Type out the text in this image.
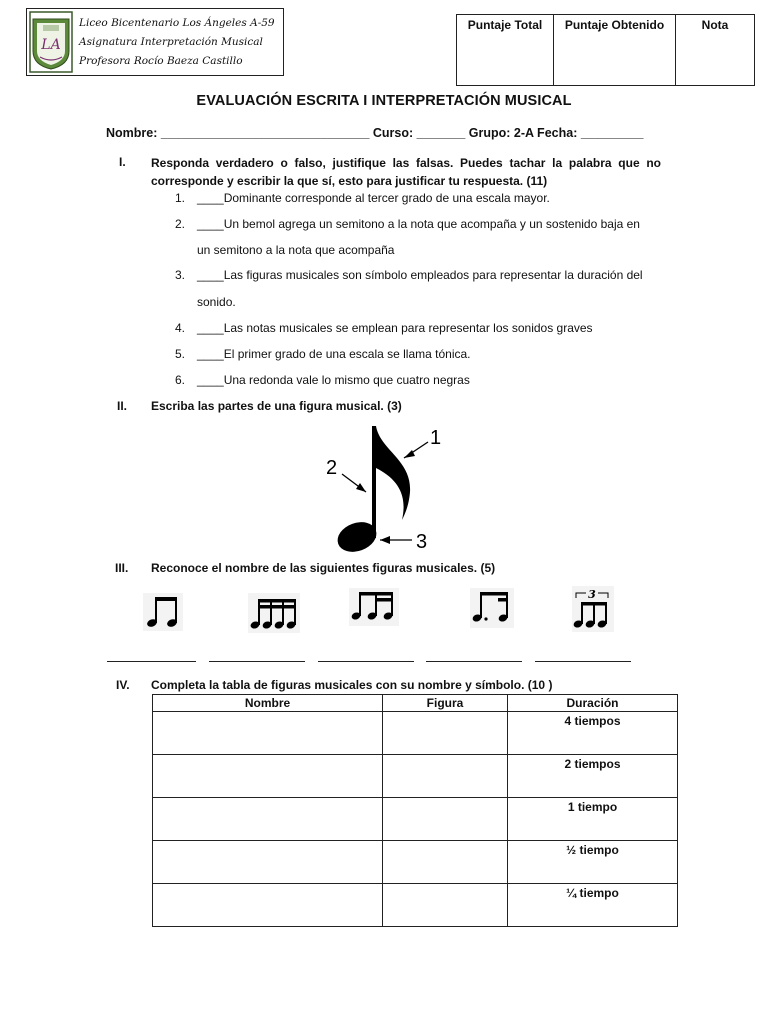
LA
Liceo Bicentenario Los Ángeles A-59
Asignatura Interpretación Musical
Profesora Rocío Baeza Castillo
Puntaje Total	Puntaje Obtenido	Nota
EVALUACIÓN ESCRITA I INTERPRETACIÓN MUSICAL
Nombre: ______________________________ Curso: _______ Grupo: 2-A Fecha: _________
I. Responda verdadero o falso, justifique las falsas. Puedes tachar la palabra que no corresponde y escribir la que sí, esto para justificar tu respuesta. (11)
1. ____Dominante corresponde al tercer grado de una escala mayor.
2. ____Un bemol agrega un semitono a la nota que acompaña y un sostenido baja en
un semitono a la nota que acompaña
3. ____Las figuras musicales son símbolo empleados para representar la duración del
sonido.
4. ____Las notas musicales se emplean para representar los sonidos graves
5. ____El primer grado de una escala se llama tónica.
6. ____Una redonda vale lo mismo que cuatro negras
II. Escriba las partes de una figura musical. (3)
1
2
3
III. Reconoce el nombre de las siguientes figuras musicales. (5)
3
IV. Completa la tabla de figuras musicales con su nombre y símbolo. (10 )
Nombre	Figura	Duración
		4 tiempos
		2 tiempos
		1 tiempo
		½ tiempo
		¼ tiempo
